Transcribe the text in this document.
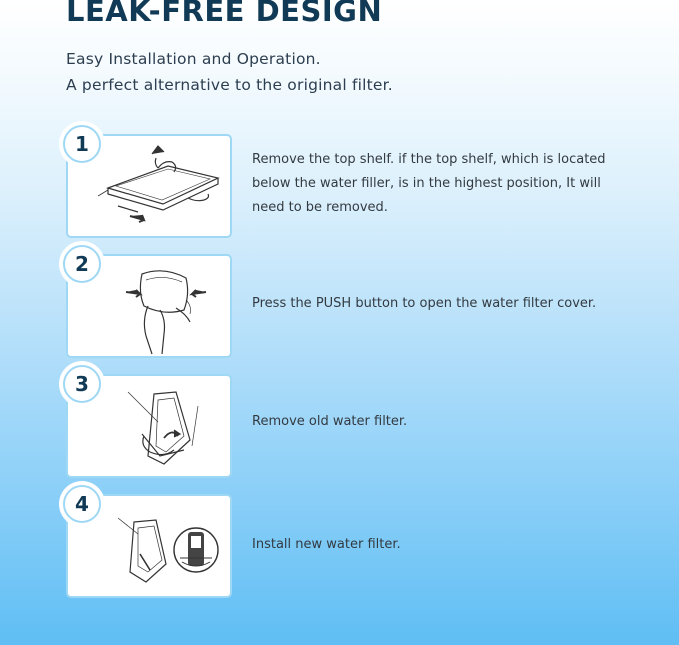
LEAK-FREE DESIGN
Easy Installation and Operation.
A perfect alternative to the original filter.
1
Remove the top shelf. if the top shelf, which is located below the water filler, is in the highest position, It will need to be removed.
2
Press the PUSH button to open the water filter cover.
3
Remove old water filter.
4
Install new water filter.
